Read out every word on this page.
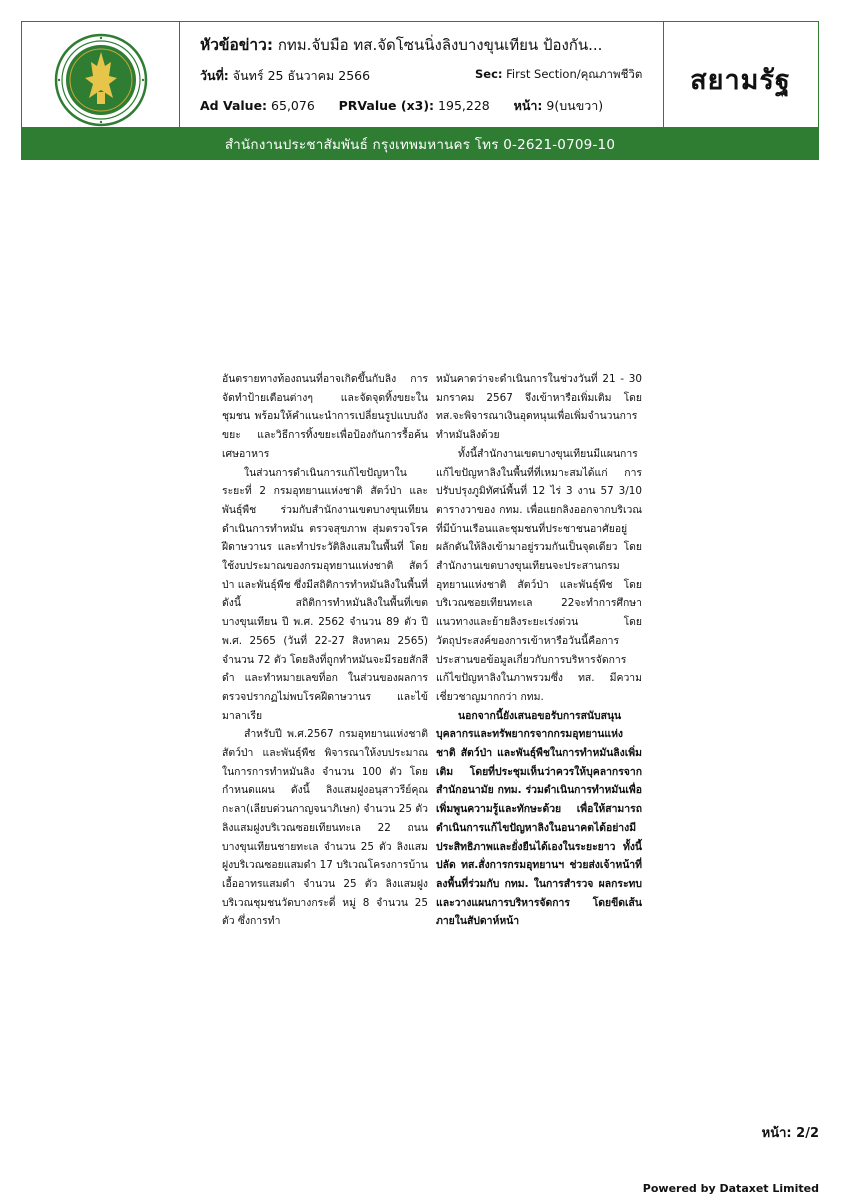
หัวข้อข่าว: กทม.จับมือ ทส.จัดโซนนิ่งลิงบางขุนเทียน ป้องกัน...
วันที่: จันทร์ 25 ธันวาคม 2566	Sec: First Section/คุณภาพชีวิต
Ad Value: 65,076 PRValue (x3): 195,228 หน้า: 9(บนขวา)
สยามรัฐ
สำนักงานประชาสัมพันธ์ กรุงเทพมหานคร โทร 0-2621-0709-10

อันตรายทางท้องถนนที่อาจเกิดขึ้นกับลิง การจัดทำป้ายเตือนต่างๆ และจัดจุดทิ้งขยะในชุมชน พร้อมให้คำแนะนำการเปลี่ยนรูปแบบถังขยะ และวิธีการทิ้งขยะเพื่อป้องกันการรื้อค้นเศษอาหาร

ในส่วนการดำเนินการแก้ไขปัญหาในระยะที่ 2 กรมอุทยานแห่งชาติ สัตว์ป่า และพันธุ์พืช ร่วมกับสำนักงานเขตบางขุนเทียน ดำเนินการทำหมัน ตรวจสุขภาพ สุ่มตรวจโรคฝีดาษวานร และทำประวัติลิงแสมในพื้นที่ โดยใช้งบประมาณของกรมอุทยานแห่งชาติ สัตว์ป่า และพันธุ์พืช ซึ่งมีสถิติการทำหมันลิงในพื้นที่ ดังนี้ สถิติการทำหมันลิงในพื้นที่เขตบางขุนเทียน ปี พ.ศ. 2562 จำนวน 89 ตัว ปี พ.ศ. 2565 (วันที่ 22-27 สิงหาคม 2565) จำนวน 72 ตัว โดยลิงที่ถูกทำหมันจะมีรอยสักสีดำ และทำหมายเลขที่อก ในส่วนของผลการตรวจปรากฏไม่พบโรคฝีดาษวานร และไข้มาลาเรีย

สำหรับปี พ.ศ.2567 กรมอุทยานแห่งชาติ สัตว์ป่า และพันธุ์พืช พิจารณาให้งบประมาณในการการทำหมันลิง จำนวน 100 ตัว โดยกำหนดแผน ดังนี้ ลิงแสมฝูงอนุสาวรีย์คุณกะลา(เลียบด่วนกาญจนาภิเษก) จำนวน 25 ตัว ลิงแสมฝูงบริเวณซอยเทียนทะเล 22 ถนนบางขุนเทียนชายทะเล จำนวน 25 ตัว ลิงแสมฝูงบริเวณซอยแสมดำ 17 บริเวณโครงการบ้านเอื้ออาทรแสมดำ จำนวน 25 ตัว ลิงแสมฝูงบริเวณชุมชนวัดบางกระดี่ หมู่ 8 จำนวน 25 ตัว ซึ่งการทำ

หมันคาดว่าจะดำเนินการในช่วงวันที่ 21 - 30 มกราคม 2567 จึงเข้าหารือเพิ่มเติม โดย ทส.จะพิจารณาเงินอุดหนุนเพื่อเพิ่มจำนวนการทำหมันลิงด้วย

ทั้งนี้สำนักงานเขตบางขุนเทียนมีแผนการแก้ไขปัญหาลิงในพื้นที่ที่เหมาะสมได้แก่ การปรับปรุงภูมิทัศน์พื้นที่ 12 ไร่ 3 งาน 57 3/10 ตารางวาของ กทม. เพื่อแยกลิงออกจากบริเวณที่มีบ้านเรือนและชุมชนที่ประชาชนอาศัยอยู่ ผลักดันให้ลิงเข้ามาอยู่รวมกันเป็นจุดเดียว โดยสำนักงานเขตบางขุนเทียนจะประสานกรมอุทยานแห่งชาติ สัตว์ป่า และพันธุ์พืช โดยบริเวณซอยเทียนทะเล 22จะทำการศึกษาแนวทางและย้ายลิงระยะเร่งด่วน โดยวัตถุประสงค์ของการเข้าหารือวันนี้คือการประสานขอข้อมูลเกี่ยวกับการบริหารจัดการแก้ไขปัญหาลิงในภาพรวมซึ่ง ทส. มีความเชี่ยวชาญมากกว่า กทม.

นอกจากนี้ยังเสนอขอรับการสนับสนุนบุคลากรและทรัพยากรจากกรมอุทยานแห่งชาติ สัตว์ป่า และพันธุ์พืชในการทำหมันลิงเพิ่มเติม โดยที่ประชุมเห็นว่าควรให้บุคลากรจากสำนักอนามัย กทม. ร่วมดำเนินการทำหมันเพื่อเพิ่มพูนความรู้และทักษะด้วย เพื่อให้สามารถดำเนินการแก้ไขปัญหาลิงในอนาคตได้อย่างมีประสิทธิภาพและยั่งยืนได้เองในระยะยาว ทั้งนี้ ปลัด ทส.สั่งการกรมอุทยานฯ ช่วยส่งเจ้าหน้าที่ลงพื้นที่ร่วมกับ กทม. ในการสำรวจ ผลกระทบ และวางแผนการบริหารจัดการ โดยขีดเส้นภายในสัปดาห์หน้า

หน้า: 2/2
Powered by Dataxet Limited
